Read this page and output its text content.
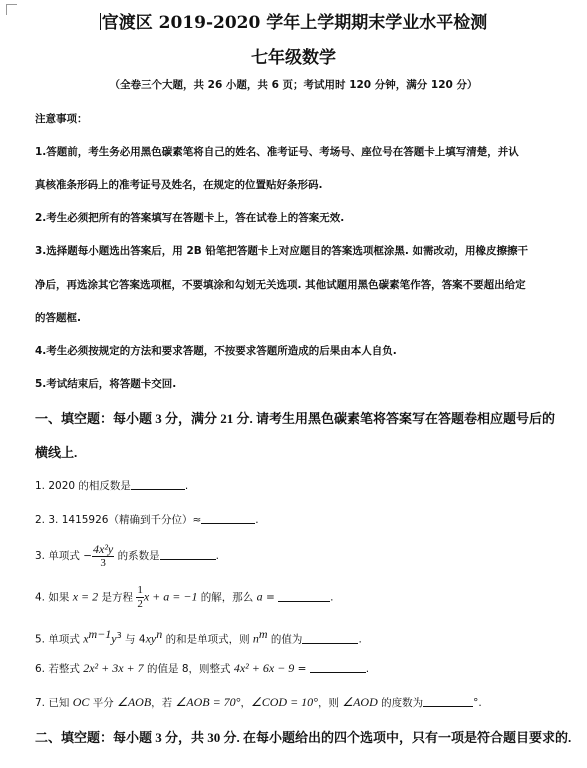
官渡区 2019-2020 学年上学期期末学业水平检测
七年级数学
（全卷三个大题，共 26 小题，共 6 页；考试用时 120 分钟，满分 120 分）
注意事项：
1.答题前，考生务必用黑色碳素笔将自己的姓名、准考证号、考场号、座位号在答题卡上填写清楚，并认
真核准条形码上的准考证号及姓名，在规定的位置贴好条形码.
2.考生必须把所有的答案填写在答题卡上，答在试卷上的答案无效.
3.选择题每小题选出答案后，用 2B 铅笔把答题卡上对应题目的答案选项框涂黑. 如需改动，用橡皮擦擦干
净后，再选涂其它答案选项框，不要填涂和勾划无关选项. 其他试题用黑色碳素笔作答，答案不要超出给定
的答题框.
4.考生必须按规定的方法和要求答题，不按要求答题所造成的后果由本人自负.
5.考试结束后，将答题卡交回.
一、填空题：每小题 3 分，满分 21 分. 请考生用黑色碳素笔将答案写在答题卷相应题号后的
横线上.
1. 2020 的相反数是	.
2. 3. 1415926（精确到千分位）≈	.
3. 单项式 − $\frac{\text{4x²y}}{3}$ 的系数是	.
4. 如果 x = 2 是方程 $\frac{1}{2}$ x + a = −1 的解，那么 a =	.
5. 单项式 $x^{m-1}y^3$ 与 $4xy^n$ 的和是单项式，则 $n^m$ 的值为	.
6. 若整式 2x² + 3x + 7 的值是 8，则整式 4x² + 6x − 9 =	.
7. 已知 OC 平分 ∠AOB，若 ∠AOB = 70°，∠COD = 10°，则 ∠AOD 的度数为	°.
二、填空题：每小题 3 分，共 30 分. 在每小题给出的四个选项中，只有一项是符合题目要求的.
